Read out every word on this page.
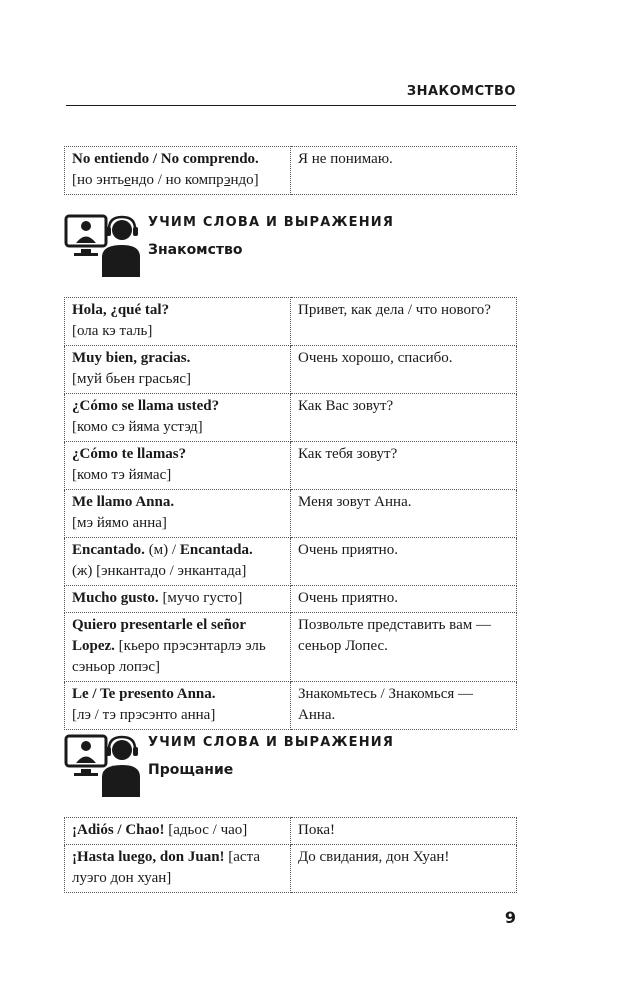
ЗНАКОМСТВО
No entiendo / No comprendo.
[но энтьендо / но компрэндо]	Я не понимаю.
УЧИМ СЛОВА И ВЫРАЖЕНИЯ
Знакомство
Hola, ¿qué tal?
[ола кэ таль]	Привет, как дела / что нового?
Muy bien, gracias.
[муй бьен грасьяс]	Очень хорошо, спасибо.
¿Cómo se llama usted?
[комо сэ йяма устэд]	Как Вас зовут?
¿Cómo te llamas?
[комо тэ йямас]	Как тебя зовут?
Me llamo Anna.
[мэ йямо анна]	Меня зовут Анна.
Encantado. (м) / Encantada.
(ж) [энкантадо / энкантада]	Очень приятно.
Mucho gusto. [мучо густо]	Очень приятно.
Quiero presentarle el señor Lopez. [кьеро прэсэнтарлэ эль сэньор лопэс]	Позвольте представить вам — сеньор Лопес.
Le / Te presento Anna.
[лэ / тэ прэсэнто анна]	Знакомьтесь / Знакомься — Анна.
УЧИМ СЛОВА И ВЫРАЖЕНИЯ
Прощание
¡Adiós / Chao! [адьос / чао]	Пока!
¡Hasta luego, don Juan! [аста луэго дон хуан]	До свидания, дон Хуан!
9
